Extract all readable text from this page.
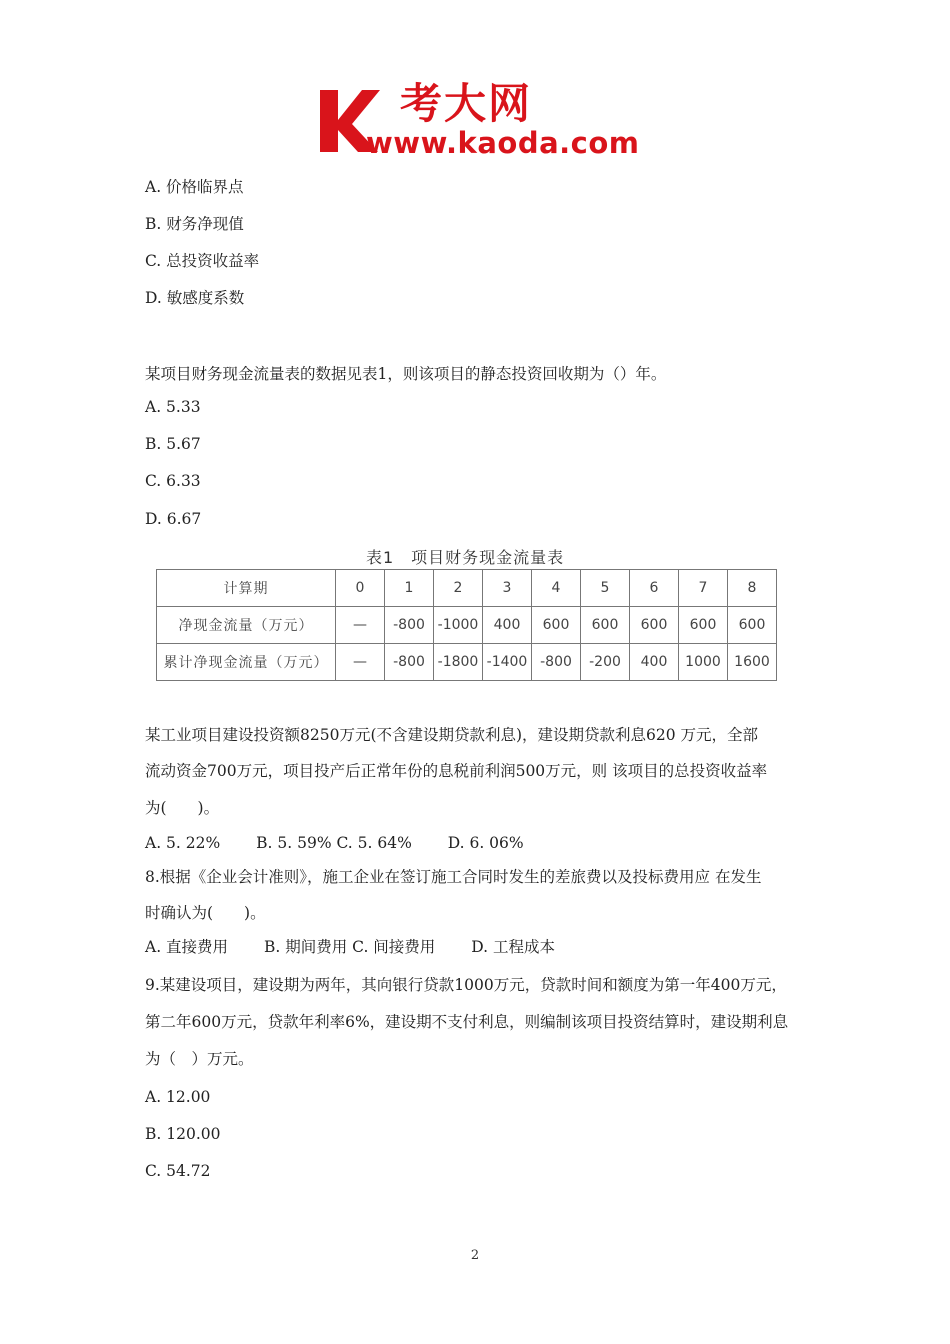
考大网
www.kaoda.com
A. 价格临界点
B. 财务净现值
C. 总投资收益率
D. 敏感度系数
某项目财务现金流量表的数据见表1，则该项目的静态投资回收期为（）年。
A. 5.33
B. 5.67
C. 6.33
D. 6.67
表1　项目财务现金流量表
计算期	0	1	2	3	4	5	6	7	8
净现金流量（万元）	—	-800	-1000	400	600	600	600	600	600
累计净现金流量（万元）	—	-800	-1800	-1400	-800	-200	400	1000	1600
某工业项目建设投资额8250万元(不含建设期贷款利息)，建设期贷款利息620 万元，全部
流动资金700万元，项目投产后正常年份的息税前利润500万元，则 该项目的总投资收益率
为(　　)。
A. 5. 22%　　 B. 5. 59% C. 5. 64%　　 D. 6. 06%
8.根据《企业会计准则》，施工企业在签订施工合同时发生的差旅费以及投标费用应 在发生
时确认为(　　)。
A. 直接费用　　 B. 期间费用 C. 间接费用　　 D. 工程成本
9.某建设项目，建设期为两年，其向银行贷款1000万元，贷款时间和额度为第一年400万元，
第二年600万元，贷款年利率6%，建设期不支付利息，则编制该项目投资结算时，建设期利息
为（　）万元。
A. 12.00
B. 120.00
C. 54.72
2
